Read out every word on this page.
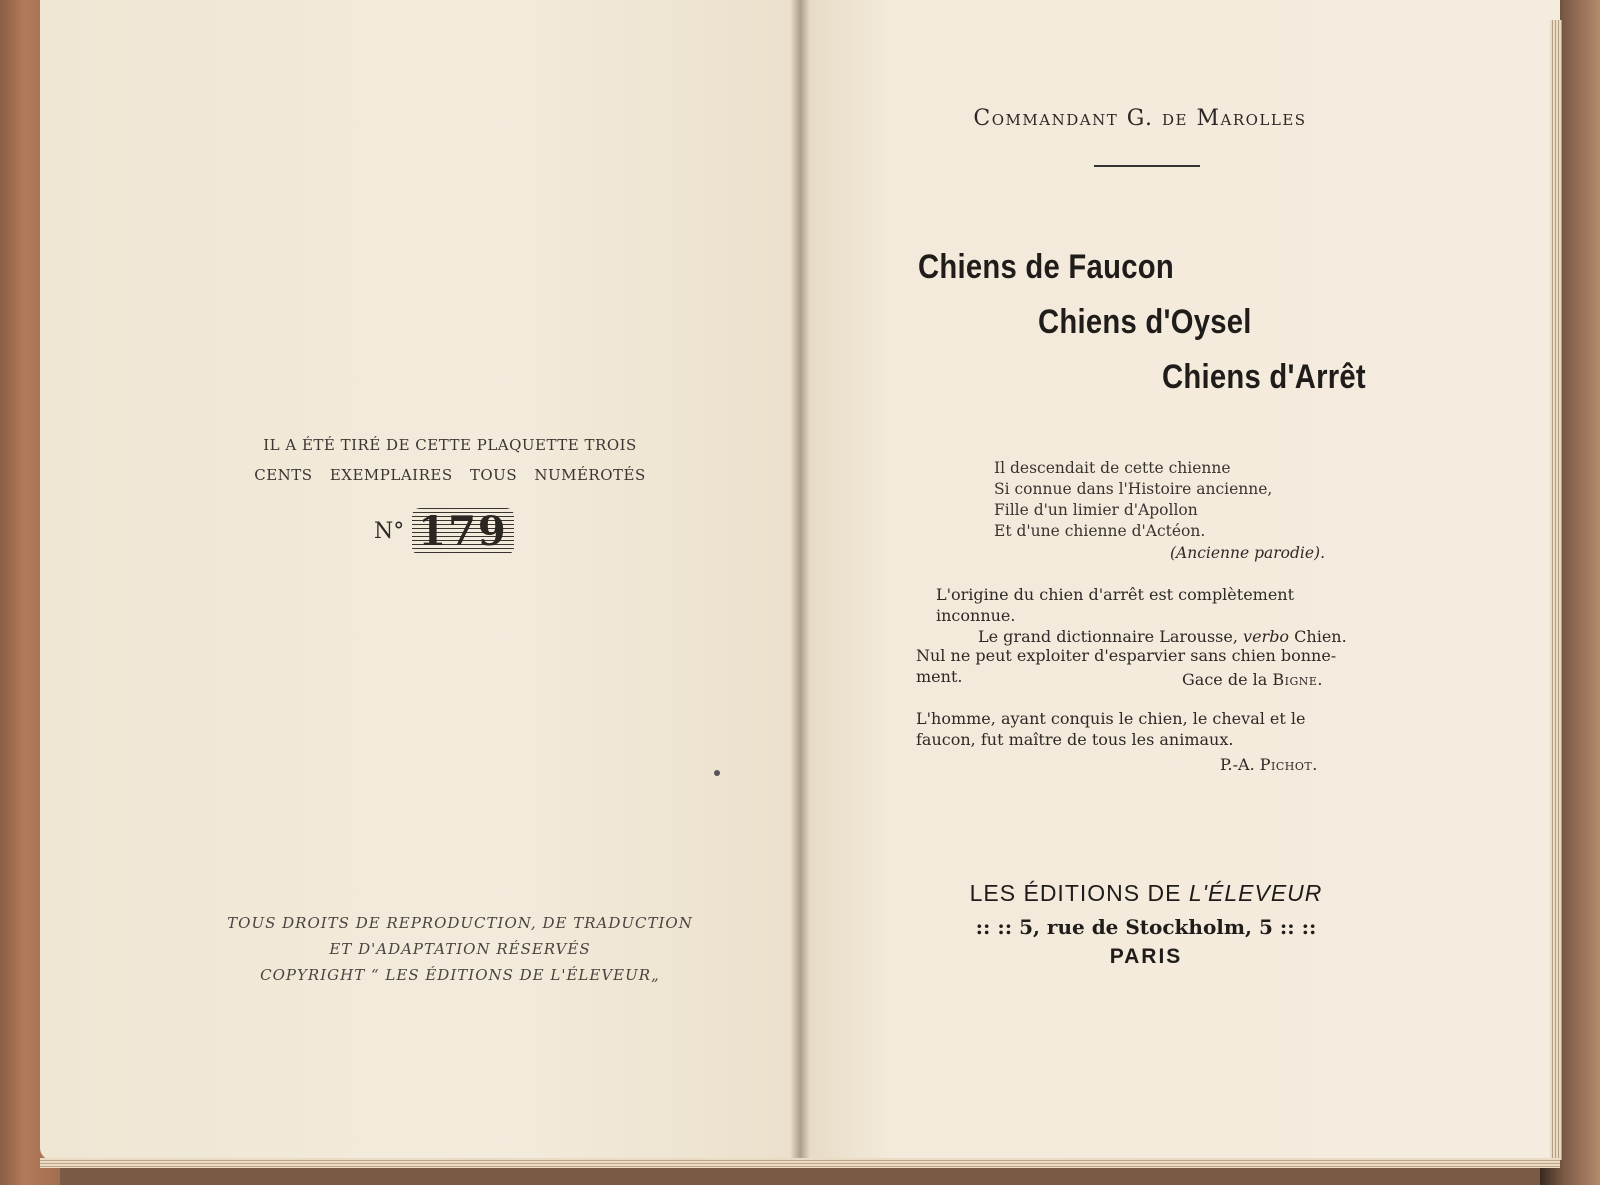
IL A ÉTÉ TIRÉ DE CETTE PLAQUETTE TROIS
CENTS EXEMPLAIRES TOUS NUMÉROTÉS
N° 179
TOUS DROITS DE REPRODUCTION, DE TRADUCTION
ET D'ADAPTATION RÉSERVÉS
COPYRIGHT “ LES ÉDITIONS DE L'ÉLEVEUR„
Commandant G. de Marolles
Chiens de Faucon
Chiens d'Oysel
Chiens d'Arrêt
Il descendait de cette chienne
Si connue dans l'Histoire ancienne,
Fille d'un limier d'Apollon
Et d'une chienne d'Actéon.
(Ancienne parodie).
L'origine du chien d'arrêt est complètement inconnue.
Le grand dictionnaire Larousse, verbo Chien.
Nul ne peut exploiter d'esparvier sans chien bonne-
ment.	Gace de la Bigne.
L'homme, ayant conquis le chien, le cheval et le
faucon, fut maître de tous les animaux.
P.-A. Pichot.
LES ÉDITIONS DE L'ÉLEVEUR
:: :: 5, rue de Stockholm, 5 :: ::
PARIS
